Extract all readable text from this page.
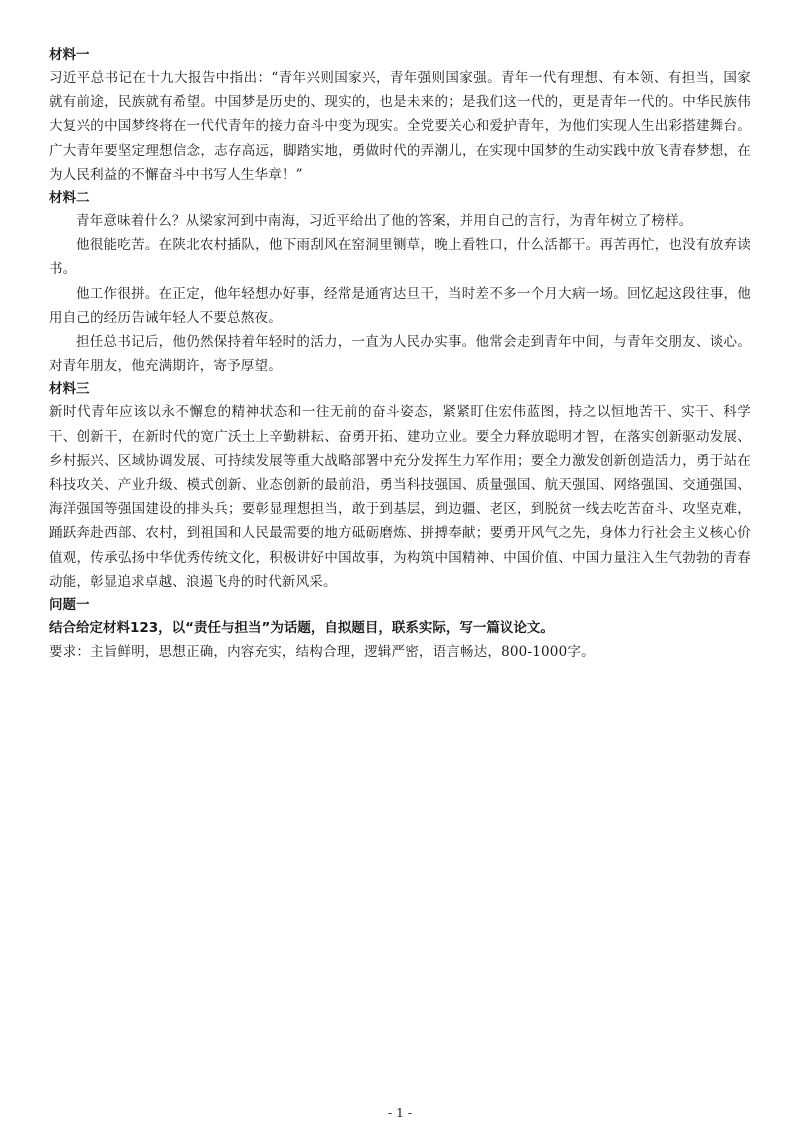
材料一

习近平总书记在十九大报告中指出：“青年兴则国家兴，青年强则国家强。青年一代有理想、有本领、有担当，国家就有前途，民族就有希望。中国梦是历史的、现实的，也是未来的；是我们这一代的，更是青年一代的。中华民族伟大复兴的中国梦终将在一代代青年的接力奋斗中变为现实。全党要关心和爱护青年，为他们实现人生出彩搭建舞台。广大青年要坚定理想信念，志存高远，脚踏实地，勇做时代的弄潮儿，在实现中国梦的生动实践中放飞青春梦想，在为人民利益的不懈奋斗中书写人生华章！”

材料二

青年意味着什么？从梁家河到中南海，习近平给出了他的答案，并用自己的言行，为青年树立了榜样。

他很能吃苦。在陕北农村插队，他下雨刮风在窑洞里铡草，晚上看牲口，什么活都干。再苦再忙，也没有放弃读书。

他工作很拼。在正定，他年轻想办好事，经常是通宵达旦干，当时差不多一个月大病一场。回忆起这段往事，他用自己的经历告诫年轻人不要总熬夜。

担任总书记后，他仍然保持着年轻时的活力，一直为人民办实事。他常会走到青年中间，与青年交朋友、谈心。对青年朋友，他充满期许，寄予厚望。

材料三

新时代青年应该以永不懈怠的精神状态和一往无前的奋斗姿态，紧紧盯住宏伟蓝图，持之以恒地苦干、实干、科学干、创新干，在新时代的宽广沃土上辛勤耕耘、奋勇开拓、建功立业。要全力释放聪明才智，在落实创新驱动发展、乡村振兴、区域协调发展、可持续发展等重大战略部署中充分发挥生力军作用；要全力激发创新创造活力，勇于站在科技攻关、产业升级、模式创新、业态创新的最前沿，勇当科技强国、质量强国、航天强国、网络强国、交通强国、海洋强国等强国建设的排头兵；要彰显理想担当，敢于到基层，到边疆、老区，到脱贫一线去吃苦奋斗、攻坚克难，踊跃奔赴西部、农村，到祖国和人民最需要的地方砥砺磨炼、拼搏奉献；要勇开风气之先，身体力行社会主义核心价值观，传承弘扬中华优秀传统文化，积极讲好中国故事，为构筑中国精神、中国价值、中国力量注入生气勃勃的青春动能，彰显追求卓越、浪遏飞舟的时代新风采。

问题一

结合给定材料123，以“责任与担当”为话题，自拟题目，联系实际，写一篇议论文。

要求：主旨鲜明，思想正确，内容充实，结构合理，逻辑严密，语言畅达，800-1000字。

- 1 -
